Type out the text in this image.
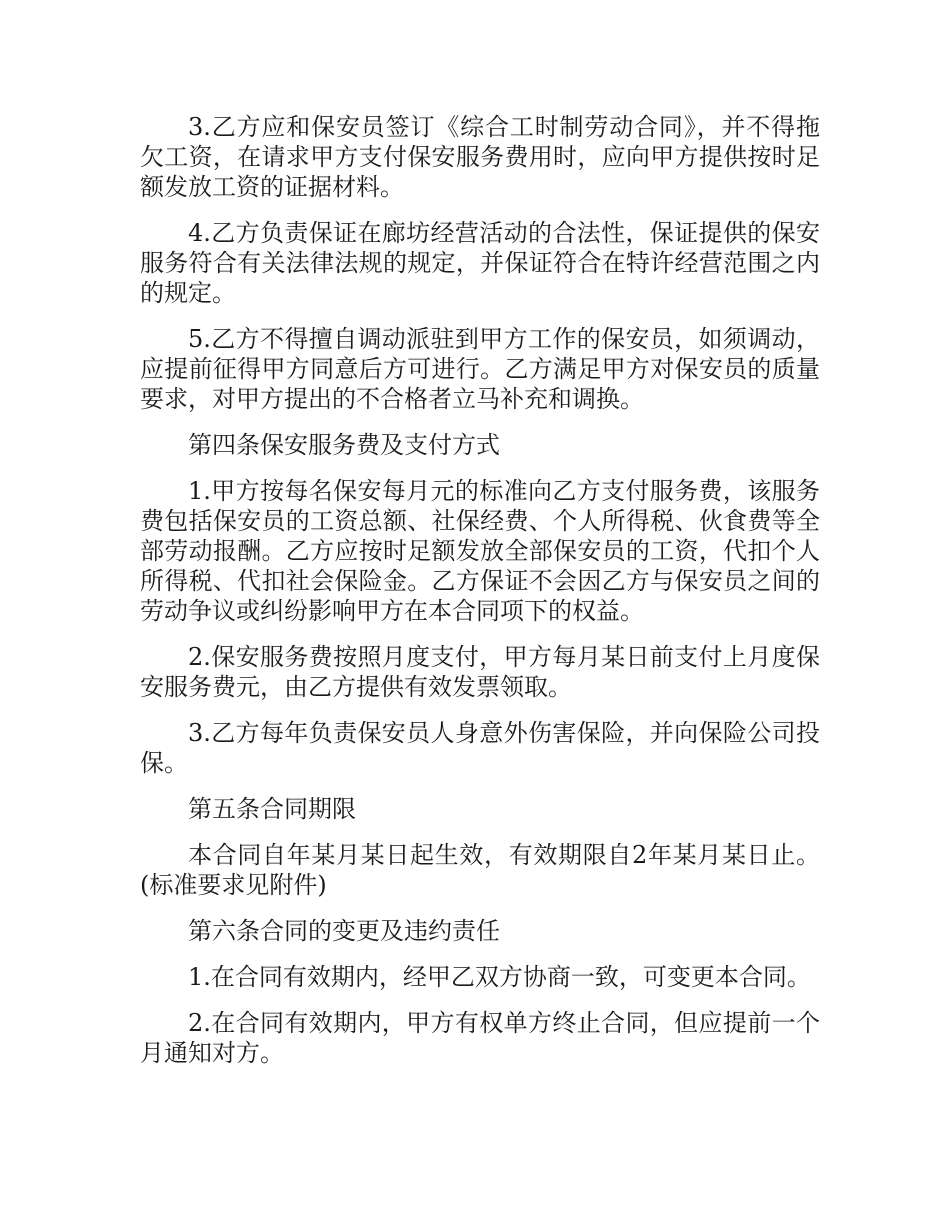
3.乙方应和保安员签订《综合工时制劳动合同》，并不得拖欠工资，在请求甲方支付保安服务费用时，应向甲方提供按时足额发放工资的证据材料。

4.乙方负责保证在廊坊经营活动的合法性，保证提供的保安服务符合有关法律法规的规定，并保证符合在特许经营范围之内的规定。

5.乙方不得擅自调动派驻到甲方工作的保安员，如须调动，应提前征得甲方同意后方可进行。乙方满足甲方对保安员的质量要求，对甲方提出的不合格者立马补充和调换。

第四条保安服务费及支付方式

1.甲方按每名保安每月元的标准向乙方支付服务费，该服务费包括保安员的工资总额、社保经费、个人所得税、伙食费等全部劳动报酬。乙方应按时足额发放全部保安员的工资，代扣个人所得税、代扣社会保险金。乙方保证不会因乙方与保安员之间的劳动争议或纠纷影响甲方在本合同项下的权益。

2.保安服务费按照月度支付，甲方每月某日前支付上月度保安服务费元，由乙方提供有效发票领取。

3.乙方每年负责保安员人身意外伤害保险，并向保险公司投保。

第五条合同期限

本合同自年某月某日起生效，有效期限自2年某月某日止。(标准要求见附件)

第六条合同的变更及违约责任

1.在合同有效期内，经甲乙双方协商一致，可变更本合同。

2.在合同有效期内，甲方有权单方终止合同，但应提前一个月通知对方。
